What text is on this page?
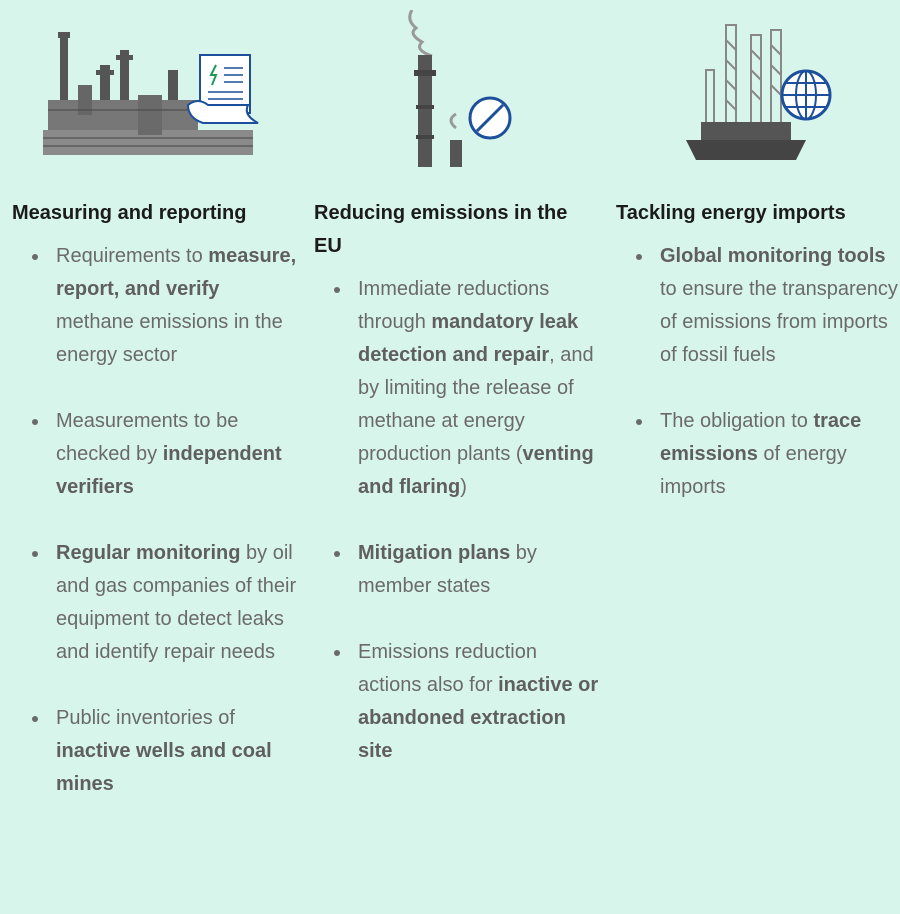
Measuring and reporting
Requirements to measure, report, and verify methane emissions in the energy sector
Measurements to be checked by independent verifiers
Regular monitoring by oil and gas companies of their equipment to detect leaks and identify repair needs
Public inventories of inactive wells and coal mines
Reducing emissions in the EU
Immediate reductions through mandatory leak detection and repair, and by limiting the release of methane at energy production plants (venting and flaring)
Mitigation plans by member states
Emissions reduction actions also for inactive or abandoned extraction site
Tackling energy imports
Global monitoring tools to ensure the transparency of emissions from imports of fossil fuels
The obligation to trace emissions of energy imports
